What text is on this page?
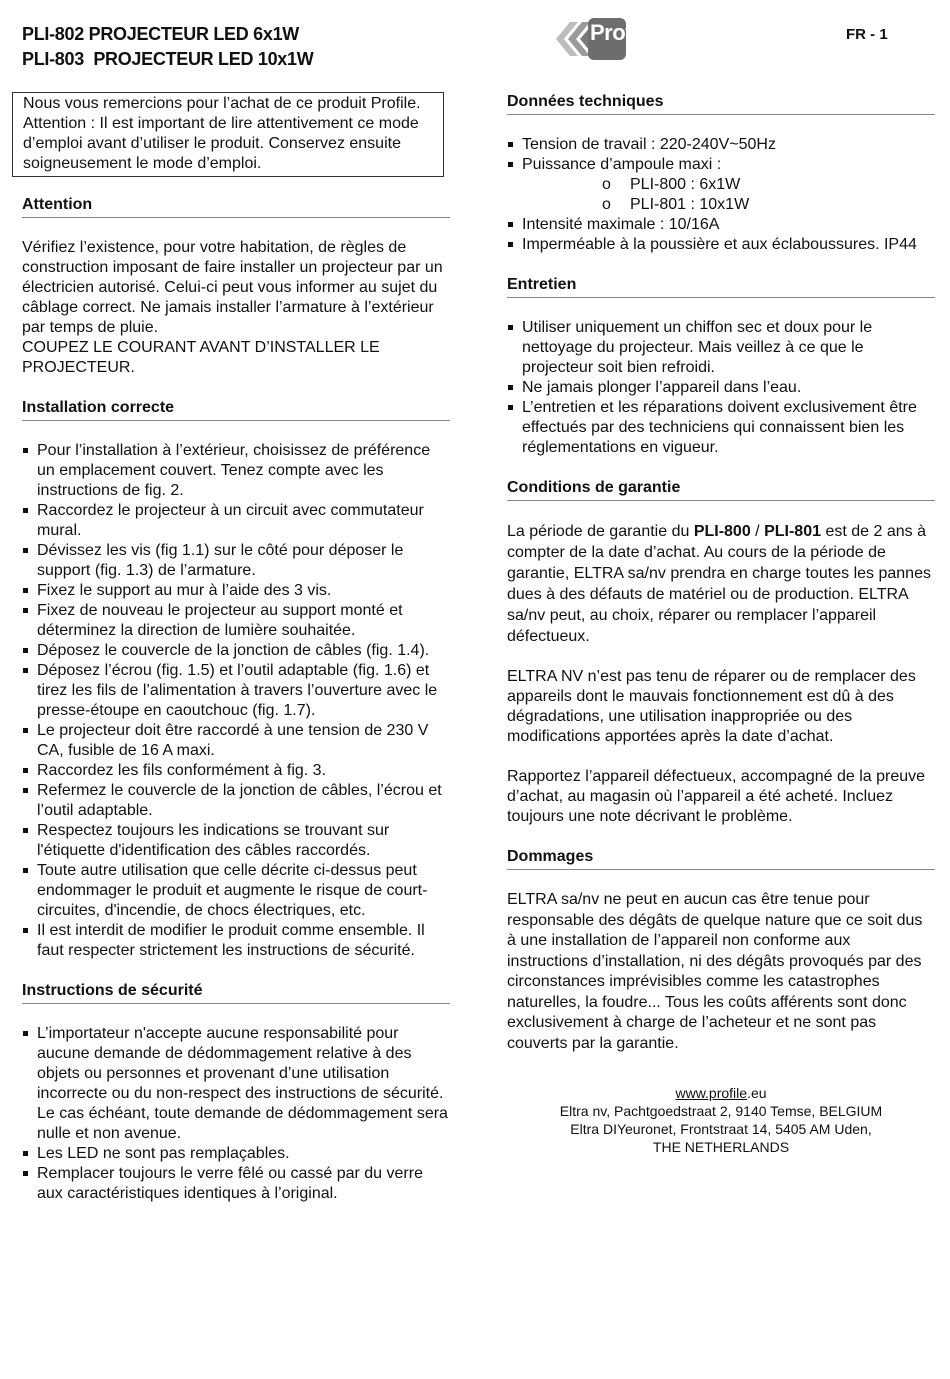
PLI-802 PROJECTEUR LED 6x1W
PLI-803  PROJECTEUR LED 10x1W
Profile	FR - 1
Nous vous remercions pour l’achat de ce produit Profile. Attention : Il est important de lire attentivement ce mode d’emploi avant d’utiliser le produit. Conservez ensuite soigneusement le mode d’emploi.
Attention

Vérifiez l’existence, pour votre habitation, de règles de construction imposant de faire installer un projecteur par un électricien autorisé. Celui-ci peut vous informer au sujet du câblage correct. Ne jamais installer l’armature à l’extérieur par temps de pluie.
COUPEZ LE COURANT AVANT D’INSTALLER LE PROJECTEUR.

Installation correcte
Pour l’installation à l’extérieur, choisissez de préférence un emplacement couvert. Tenez compte avec les instructions de fig. 2.
Raccordez le projecteur à un circuit avec commutateur mural.
Dévissez les vis (fig 1.1) sur le côté pour déposer le support (fig. 1.3) de l’armature.
Fixez le support au mur à l’aide des 3 vis.
Fixez de nouveau le projecteur au support monté et déterminez la direction de lumière souhaitée.
Déposez le couvercle de la jonction de câbles (fig. 1.4).
Déposez l’écrou (fig. 1.5) et l’outil adaptable (fig. 1.6) et tirez les fils de l’alimentation à travers l’ouverture avec le presse-étoupe en caoutchouc (fig. 1.7).
Le projecteur doit être raccordé à une tension de 230 V CA, fusible de 16 A maxi.
Raccordez les fils conformément à fig. 3.
Refermez le couvercle de la jonction de câbles, l’écrou et l’outil adaptable.
Respectez toujours les indications se trouvant sur l'étiquette d'identification des câbles raccordés.
Toute autre utilisation que celle décrite ci-dessus peut endommager le produit et augmente le risque de court-circuites, d'incendie, de chocs électriques, etc.
Il est interdit de modifier le produit comme ensemble. Il faut respecter strictement les instructions de sécurité.
Instructions de sécurité
L’importateur n'accepte aucune responsabilité pour aucune demande de dédommagement relative à des objets ou personnes et provenant d’une utilisation incorrecte ou du non-respect des instructions de sécurité. Le cas échéant, toute demande de dédommagement sera nulle et non avenue.
Les LED ne sont pas remplaçables.
Remplacer toujours le verre fêlé ou cassé par du verre aux caractéristiques identiques à l’original.
Données techniques
Tension de travail : 220-240V~50Hz
Puissance d’ampoule maxi :
o PLI-800 : 6x1W
o PLI-801 : 10x1W
Intensité maximale : 10/16A
Imperméable à la poussière et aux éclaboussures. IP44
Entretien
Utiliser uniquement un chiffon sec et doux pour le nettoyage du projecteur. Mais veillez à ce que le projecteur soit bien refroidi.
Ne jamais plonger l’appareil dans l’eau.
L’entretien et les réparations doivent exclusivement être effectués par des techniciens qui connaissent bien les réglementations en vigueur.
Conditions de garantie

La période de garantie du PLI-800 / PLI-801 est de 2 ans à compter de la date d’achat. Au cours de la période de garantie, ELTRA sa/nv prendra en charge toutes les pannes dues à des défauts de matériel ou de production. ELTRA sa/nv peut, au choix, réparer ou remplacer l’appareil défectueux.

ELTRA NV n’est pas tenu de réparer ou de remplacer des appareils dont le mauvais fonctionnement est dû à des dégradations, une utilisation inappropriée ou des modifications apportées après la date d’achat.

Rapportez l’appareil défectueux, accompagné de la preuve d’achat, au magasin où l’appareil a été acheté. Incluez toujours une note décrivant le problème.

Dommages

ELTRA sa/nv ne peut en aucun cas être tenue pour responsable des dégâts de quelque nature que ce soit dus à une installation de l’appareil non conforme aux instructions d’installation, ni des dégâts provoqués par des circonstances imprévisibles comme les catastrophes naturelles, la foudre... Tous les coûts afférents sont donc exclusivement à charge de l’acheteur et ne sont pas couverts par la garantie.

www.profile.eu
Eltra nv, Pachtgoedstraat 2, 9140 Temse, BELGIUM
Eltra DIYeuronet, Frontstraat 14, 5405 AM Uden,
THE NETHERLANDS
